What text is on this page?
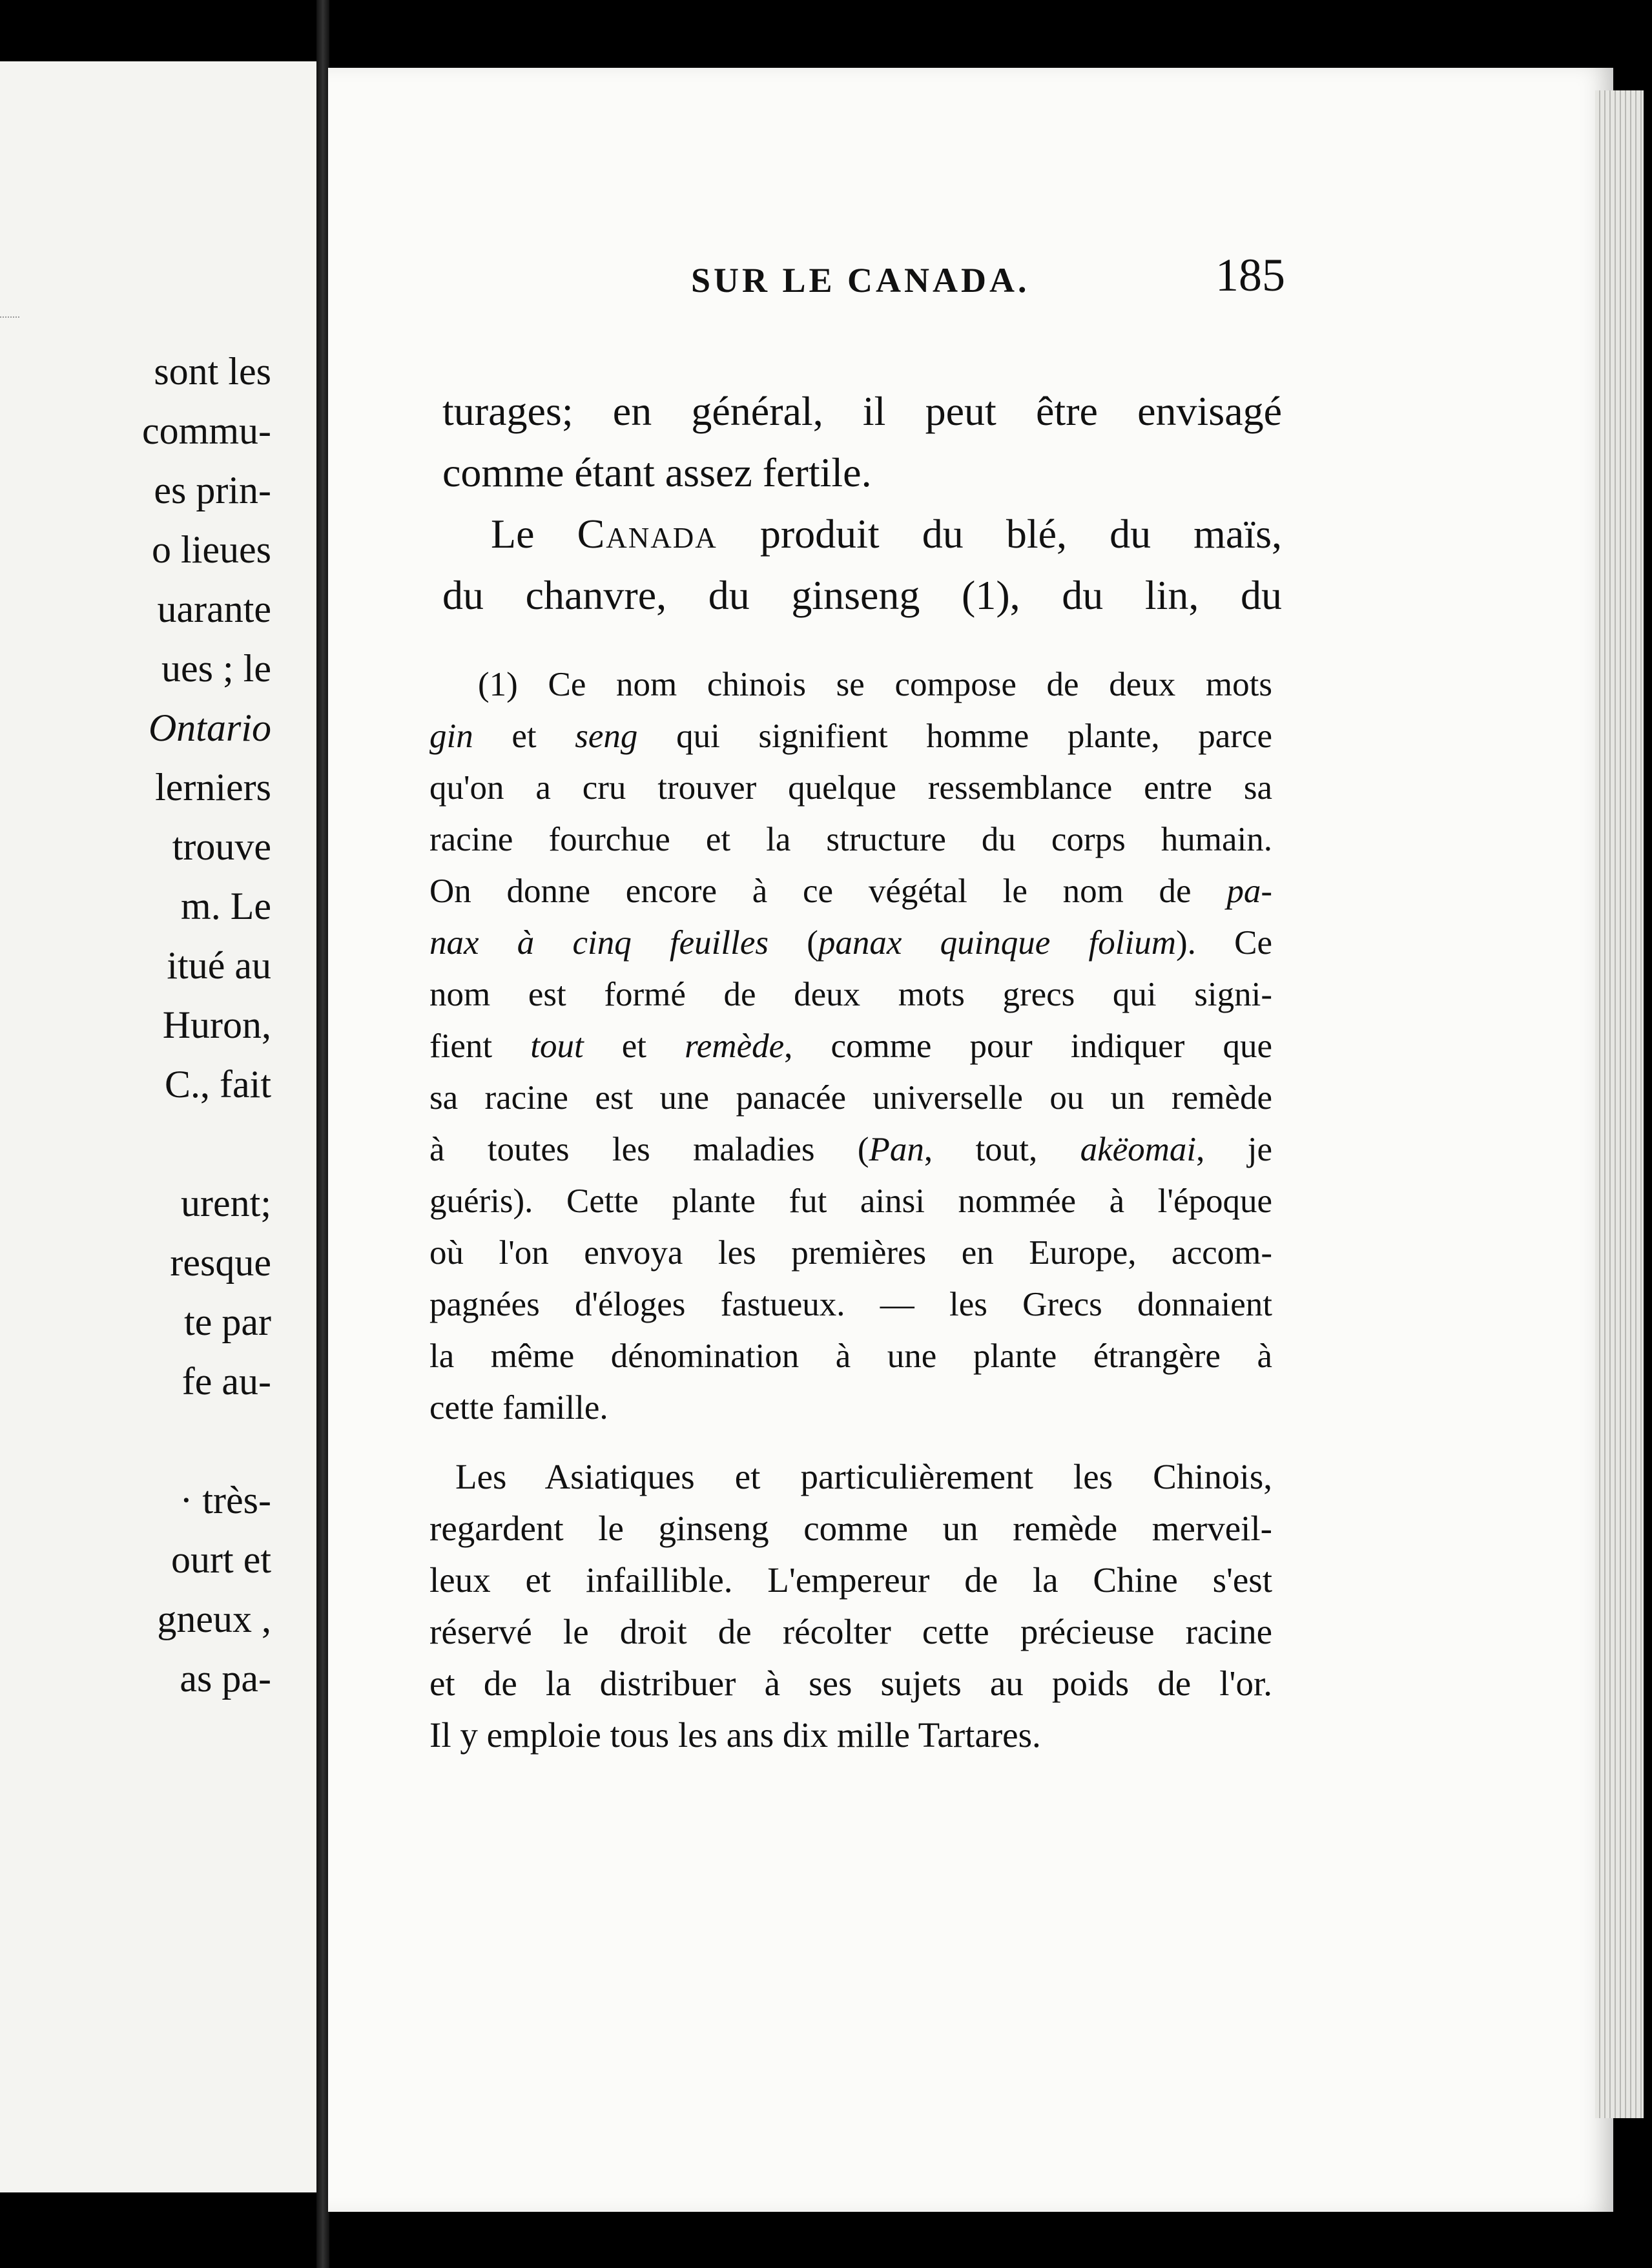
sont les
commu-
es prin-
o lieues
uarante
ues ; le
Ontario
lerniers
trouve
m. Le
itué au
Huron,
C., fait
urent;
resque
te par
fe au-
· très-
ourt et
gneux ,
as pa-
SUR LE CANADA.	185
turages; en général, il peut être envisagé
comme étant assez fertile.
Le Canada produit du blé, du maïs,
du chanvre, du ginseng (1), du lin, du
(1) Ce nom chinois se compose de deux mots
gin et seng qui signifient homme plante, parce
qu'on a cru trouver quelque ressemblance entre sa
racine fourchue et la structure du corps humain.
On donne encore à ce végétal le nom de pa-
nax à cinq feuilles (panax quinque folium). Ce
nom est formé de deux mots grecs qui signi-
fient tout et remède, comme pour indiquer que
sa racine est une panacée universelle ou un remède
à toutes les maladies (Pan, tout, akëomai, je
guéris). Cette plante fut ainsi nommée à l'époque
où l'on envoya les premières en Europe, accom-
pagnées d'éloges fastueux. — les Grecs donnaient
la même dénomination à une plante étrangère à
cette famille.
Les Asiatiques et particulièrement les Chinois,
regardent le ginseng comme un remède merveil-
leux et infaillible. L'empereur de la Chine s'est
réservé le droit de récolter cette précieuse racine
et de la distribuer à ses sujets au poids de l'or.
Il y emploie tous les ans dix mille Tartares.
